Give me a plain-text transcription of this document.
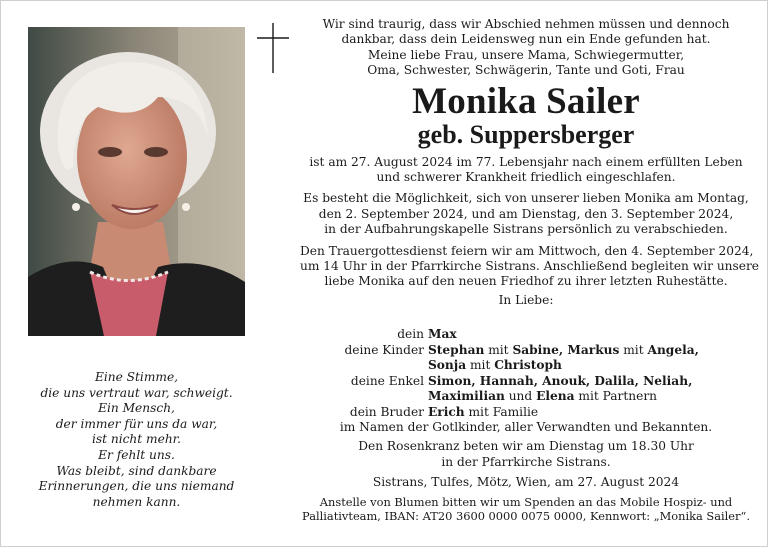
Eine Stimme,
die uns vertraut war, schweigt.
Ein Mensch,
der immer für uns da war,
ist nicht mehr.
Er fehlt uns.
Was bleibt, sind dankbare
Erinnerungen, die uns niemand
nehmen kann.
Wir sind traurig, dass wir Abschied nehmen müssen und dennoch
dankbar, dass dein Leidensweg nun ein Ende gefunden hat.
Meine liebe Frau, unsere Mama, Schwiegermutter,
Oma, Schwester, Schwägerin, Tante und Goti, Frau
Monika Sailer
geb. Suppersberger
ist am 27. August 2024 im 77. Lebensjahr nach einem erfüllten Leben
und schwerer Krankheit friedlich eingeschlafen.
Es besteht die Möglichkeit, sich von unserer lieben Monika am Montag,
den 2. September 2024, und am Dienstag, den 3. September 2024,
in der Aufbahrungskapelle Sistrans persönlich zu verabschieden.
Den Trauergottesdienst feiern wir am Mittwoch, den 4. September 2024,
um 14 Uhr in der Pfarrkirche Sistrans. Anschließend begleiten wir unsere
liebe Monika auf den neuen Friedhof zu ihrer letzten Ruhestätte.
In Liebe:
dein Max
deine Kinder Stephan mit Sabine, Markus mit Angela,
Sonja mit Christoph
deine Enkel Simon, Hannah, Anouk, Dalila, Neliah,
Maximilian und Elena mit Partnern
dein Bruder Erich mit Familie
im Namen der Gotlkinder, aller Verwandten und Bekannten.
Den Rosenkranz beten wir am Dienstag um 18.30 Uhr
in der Pfarrkirche Sistrans.
Sistrans, Tulfes, Mötz, Wien, am 27. August 2024
Anstelle von Blumen bitten wir um Spenden an das Mobile Hospiz- und
Palliativteam, IBAN: AT20 3600 0000 0075 0000, Kennwort: „Monika Sailer“.
